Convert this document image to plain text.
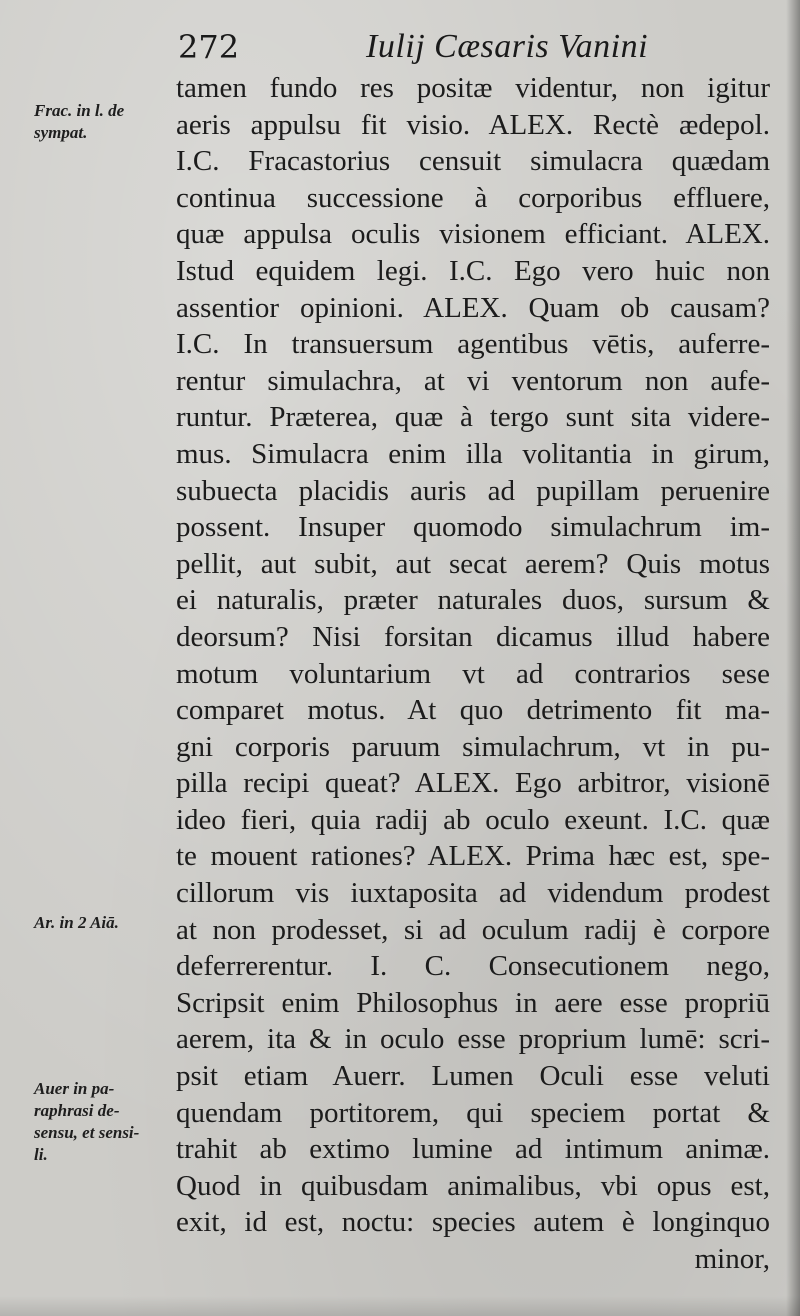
272	Iulij Cæsaris Vanini
Frac. in l. de
sympat.
Ar. in 2 Aiā.
Auer in pa-
raphrasi de-
sensu, et sensi-
li.
tamen fundo res positæ videntur, non igitur
aeris appulsu fit visio. ALEX. Rectè ædepol.
I.C. Fracastorius censuit simulacra quædam
continua successione à corporibus effluere,
quæ appulsa oculis visionem efficiant. ALEX.
Istud equidem legi. I.C. Ego vero huic non
assentior opinioni. ALEX. Quam ob causam?
I.C. In transuersum agentibus vētis, auferre-
rentur simulachra, at vi ventorum non aufe-
runtur. Præterea, quæ à tergo sunt sita videre-
mus. Simulacra enim illa volitantia in girum,
subuecta placidis auris ad pupillam peruenire
possent. Insuper quomodo simulachrum im-
pellit, aut subit, aut secat aerem? Quis motus
ei naturalis, præter naturales duos, sursum &
deorsum? Nisi forsitan dicamus illud habere
motum voluntarium vt ad contrarios sese
comparet motus. At quo detrimento fit ma-
gni corporis paruum simulachrum, vt in pu-
pilla recipi queat? ALEX. Ego arbitror, visionē
ideo fieri, quia radij ab oculo exeunt. I.C. quæ
te mouent rationes? ALEX. Prima hæc est, spe-
cillorum vis iuxtaposita ad videndum prodest
at non prodesset, si ad oculum radij è corpore
deferrerentur. I. C. Consecutionem nego,
Scripsit enim Philosophus in aere esse propriū
aerem, ita & in oculo esse proprium lumē: scri-
psit etiam Auerr. Lumen Oculi esse veluti
quendam portitorem, qui speciem portat &
trahit ab extimo lumine ad intimum animæ.
Quod in quibusdam animalibus, vbi opus est,
exit, id est, noctu: species autem è longinquo
minor,
